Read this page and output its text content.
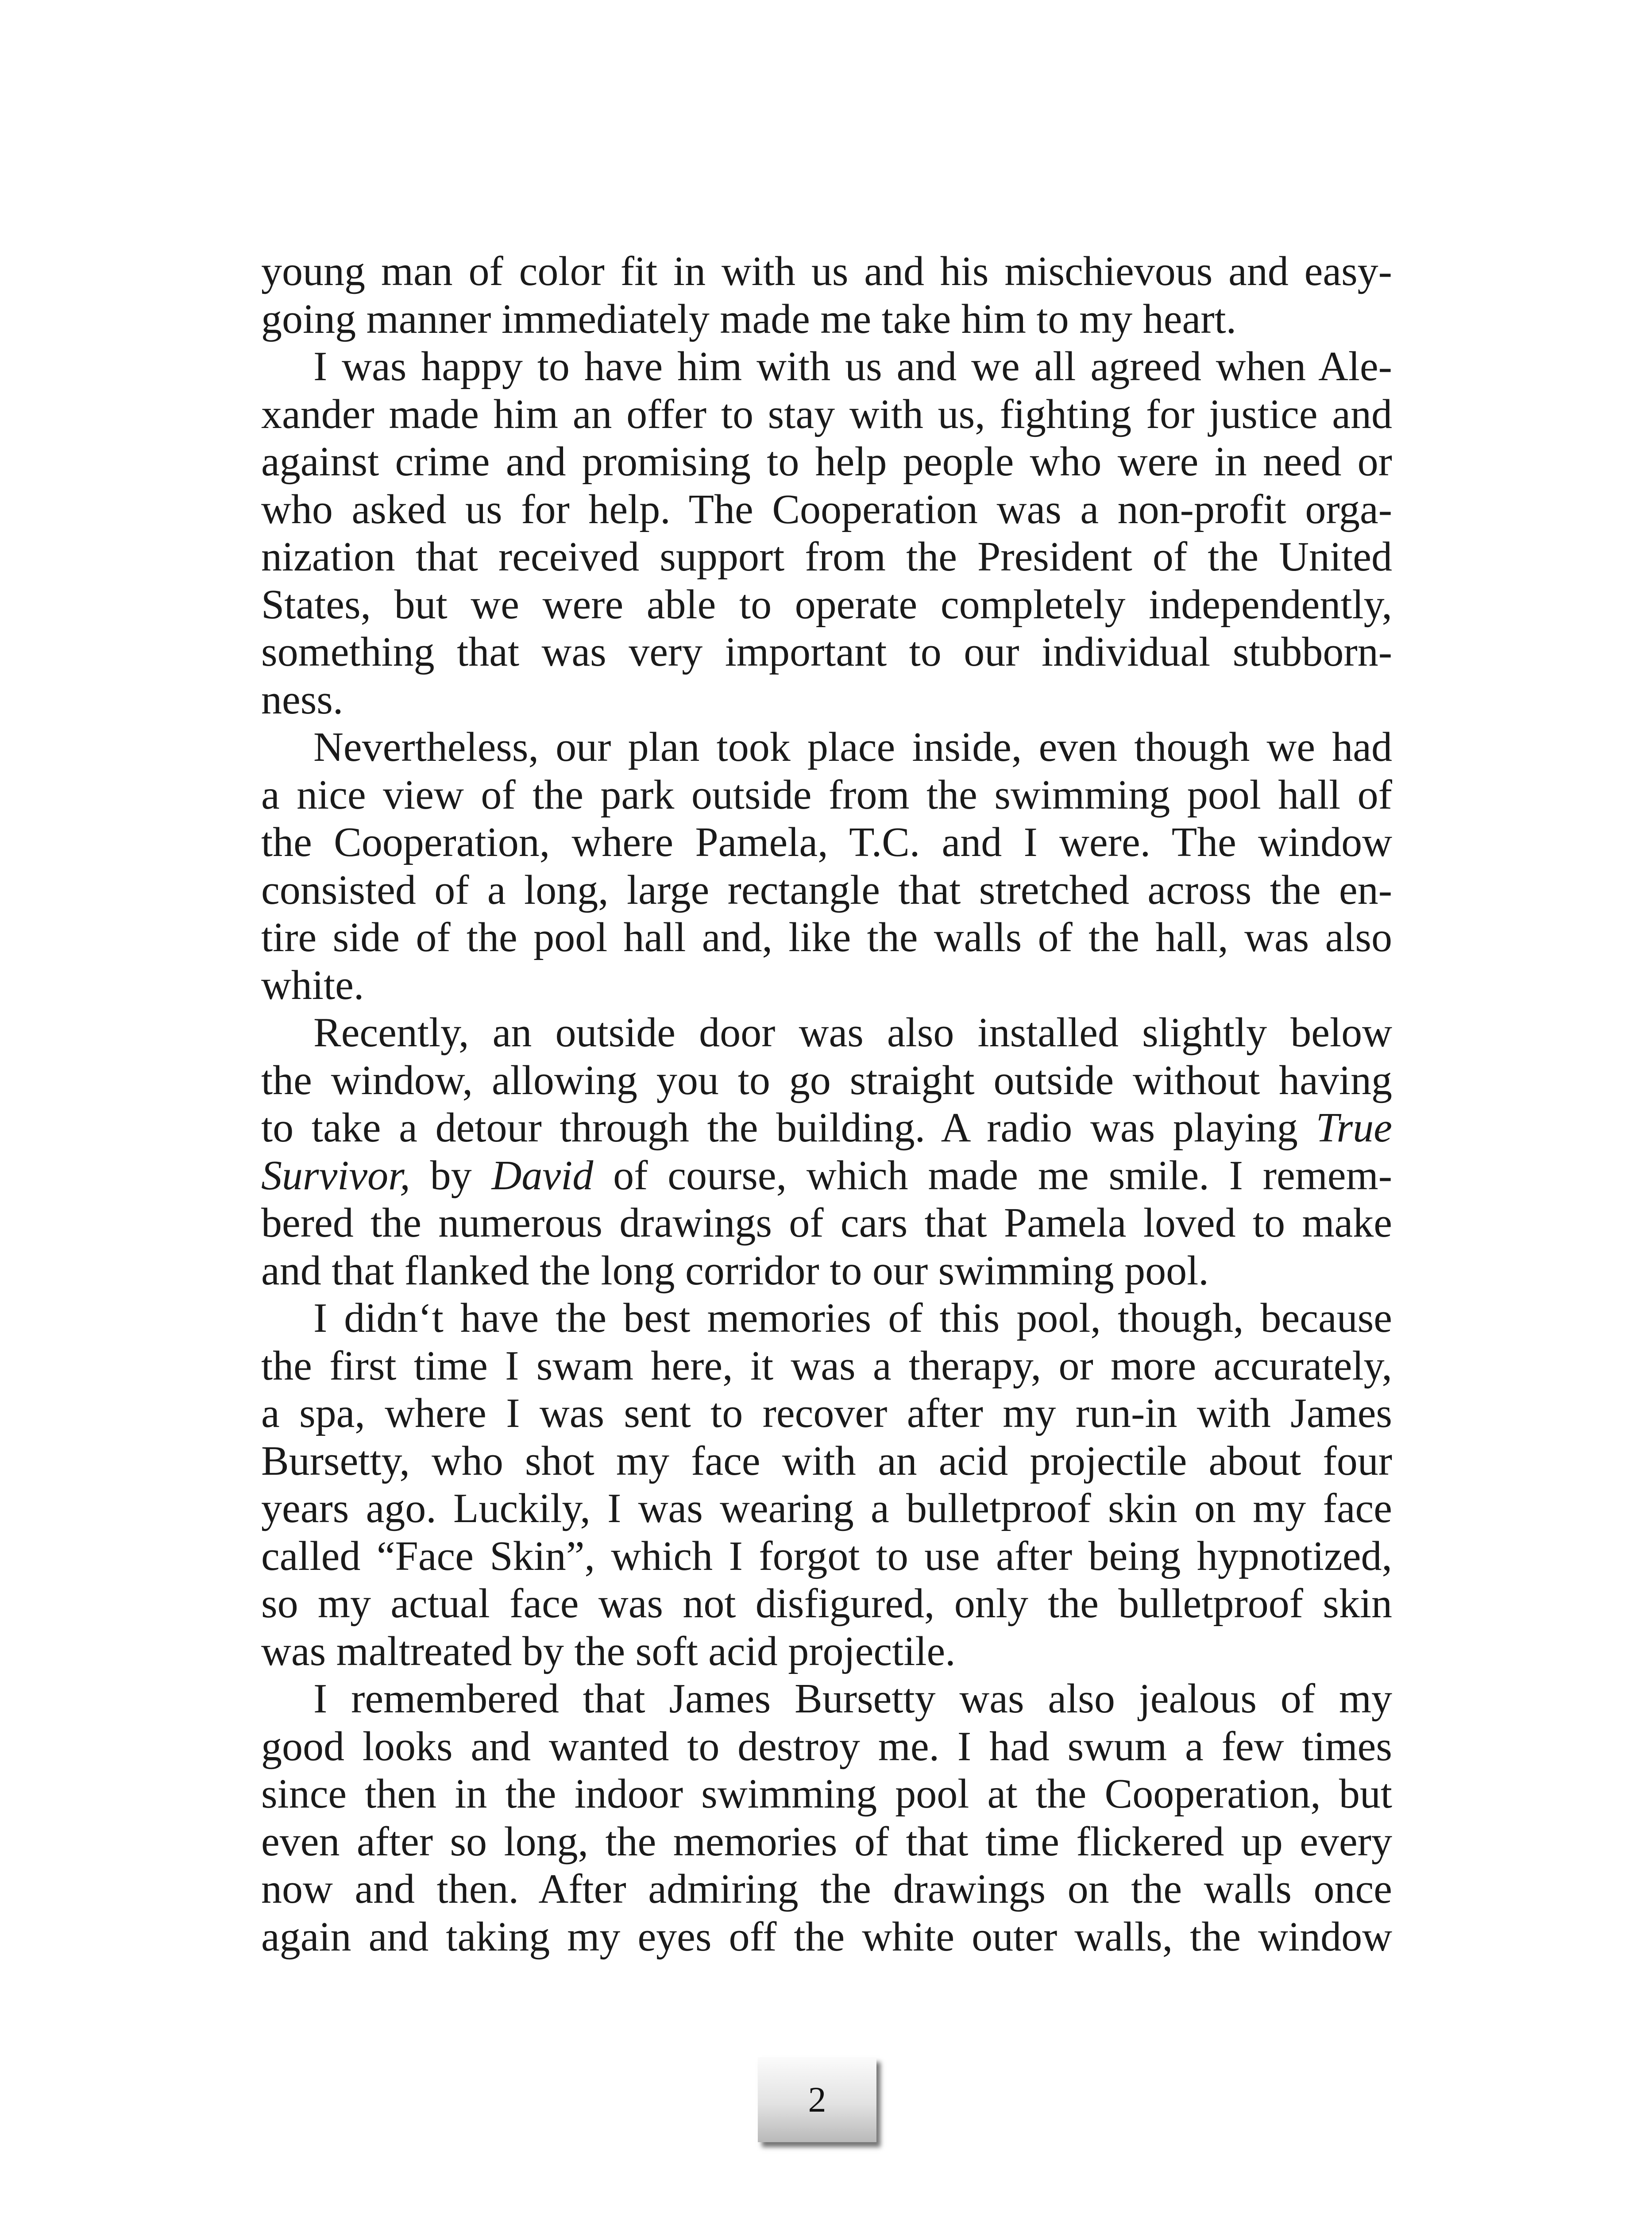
young man of color fit in with us and his mischievous and easy-
going manner immediately made me take him to my heart.
I was happy to have him with us and we all agreed when Ale-
xander made him an offer to stay with us, fighting for justice and
against crime and promising to help people who were in need or
who asked us for help. The Cooperation was a non-profit orga-
nization that received support from the President of the United
States, but we were able to operate completely independently,
something that was very important to our individual stubborn-
ness.
Nevertheless, our plan took place inside, even though we had
a nice view of the park outside from the swimming pool hall of
the Cooperation, where Pamela, T.C. and I were. The window
consisted of a long, large rectangle that stretched across the en-
tire side of the pool hall and, like the walls of the hall, was also
white.
Recently, an outside door was also installed slightly below
the window, allowing you to go straight outside without having
to take a detour through the building. A radio was playing True
Survivor, by David of course, which made me smile. I remem-
bered the numerous drawings of cars that Pamela loved to make
and that flanked the long corridor to our swimming pool.
I didn‘t have the best memories of this pool, though, because
the first time I swam here, it was a therapy, or more accurately,
a spa, where I was sent to recover after my run-in with James
Bursetty, who shot my face with an acid projectile about four
years ago. Luckily, I was wearing a bulletproof skin on my face
called “Face Skin”, which I forgot to use after being hypnotized,
so my actual face was not disfigured, only the bulletproof skin
was maltreated by the soft acid projectile.
I remembered that James Bursetty was also jealous of my
good looks and wanted to destroy me. I had swum a few times
since then in the indoor swimming pool at the Cooperation, but
even after so long, the memories of that time flickered up every
now and then. After admiring the drawings on the walls once
again and taking my eyes off the white outer walls, the window
2
